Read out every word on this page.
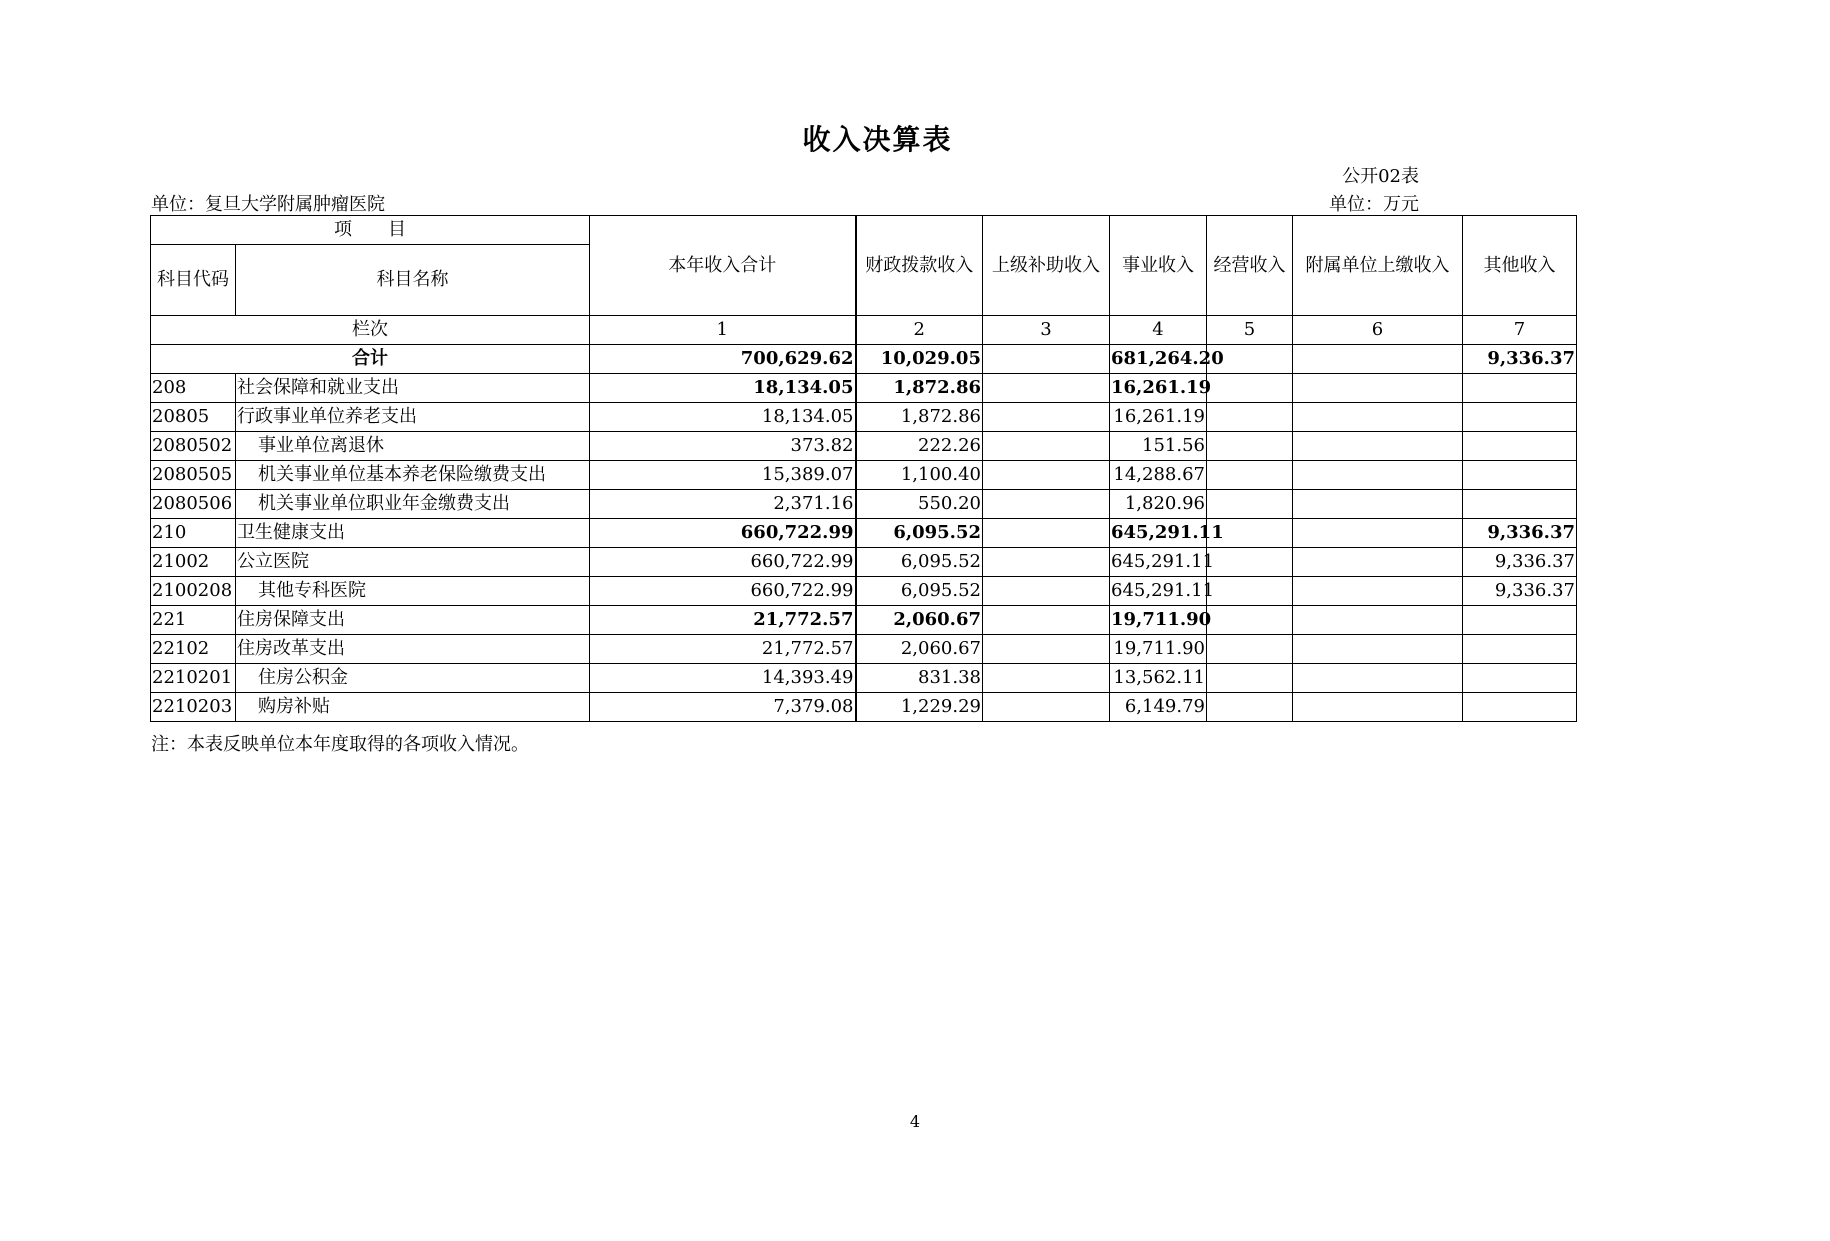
收入决算表
公开02表
单位：复旦大学附属肿瘤医院	单位：万元
项　　目		本年收入合计	财政拨款收入	上级补助收入	事业收入	经营收入	附属单位上缴收入	其他收入
科目代码	科目名称							
栏次		1	2	3	4	5	6	7
合计		700,629.62	10,029.05		681,264.20			9,336.37
208	社会保障和就业支出	18,134.05	1,872.86		16,261.19			
20805	行政事业单位养老支出	18,134.05	1,872.86		16,261.19			
2080502	事业单位离退休	373.82	222.26		151.56			
2080505	机关事业单位基本养老保险缴费支出	15,389.07	1,100.40		14,288.67			
2080506	机关事业单位职业年金缴费支出	2,371.16	550.20		1,820.96			
210	卫生健康支出	660,722.99	6,095.52		645,291.11			9,336.37
21002	公立医院	660,722.99	6,095.52		645,291.11			9,336.37
2100208	其他专科医院	660,722.99	6,095.52		645,291.11			9,336.37
221	住房保障支出	21,772.57	2,060.67		19,711.90			
22102	住房改革支出	21,772.57	2,060.67		19,711.90			
2210201	住房公积金	14,393.49	831.38		13,562.11			
2210203	购房补贴	7,379.08	1,229.29		6,149.79			
注：本表反映单位本年度取得的各项收入情况。
4
